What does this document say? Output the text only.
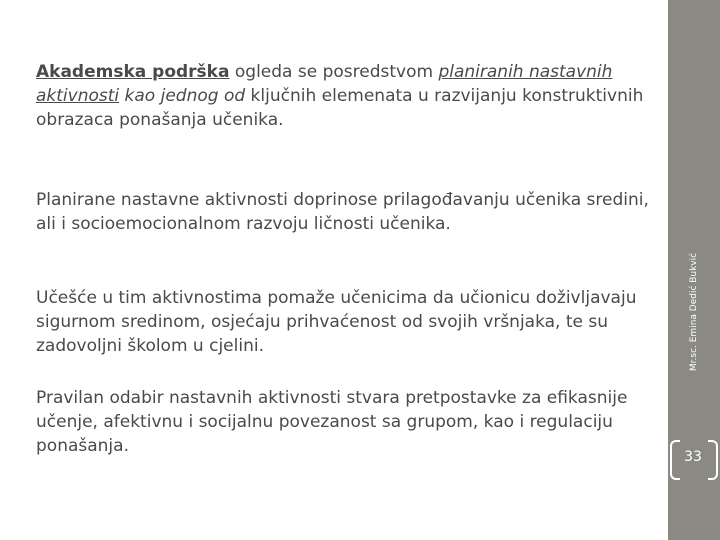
Akademska podrška ogleda se posredstvom planiranih nastavnih aktivnosti kao jednog od ključnih elemenata u razvijanju konstruktivnih obrazaca ponašanja učenika.

Planirane nastavne aktivnosti doprinose prilagođavanju učenika sredini, ali i socioemocionalnom razvoju ličnosti učenika.

Učešće u tim aktivnostima pomaže učenicima da učionicu doživljavaju sigurnom sredinom, osjećaju prihvaćenost od svojih vršnjaka, te su zadovoljni školom u cjelini.

Pravilan odabir nastavnih aktivnosti stvara pretpostavke za efikasnije učenje, afektivnu i socijalnu povezanost sa grupom, kao i regulaciju ponašanja.

Mr.sc. Emina Dedić Bukvić
33
